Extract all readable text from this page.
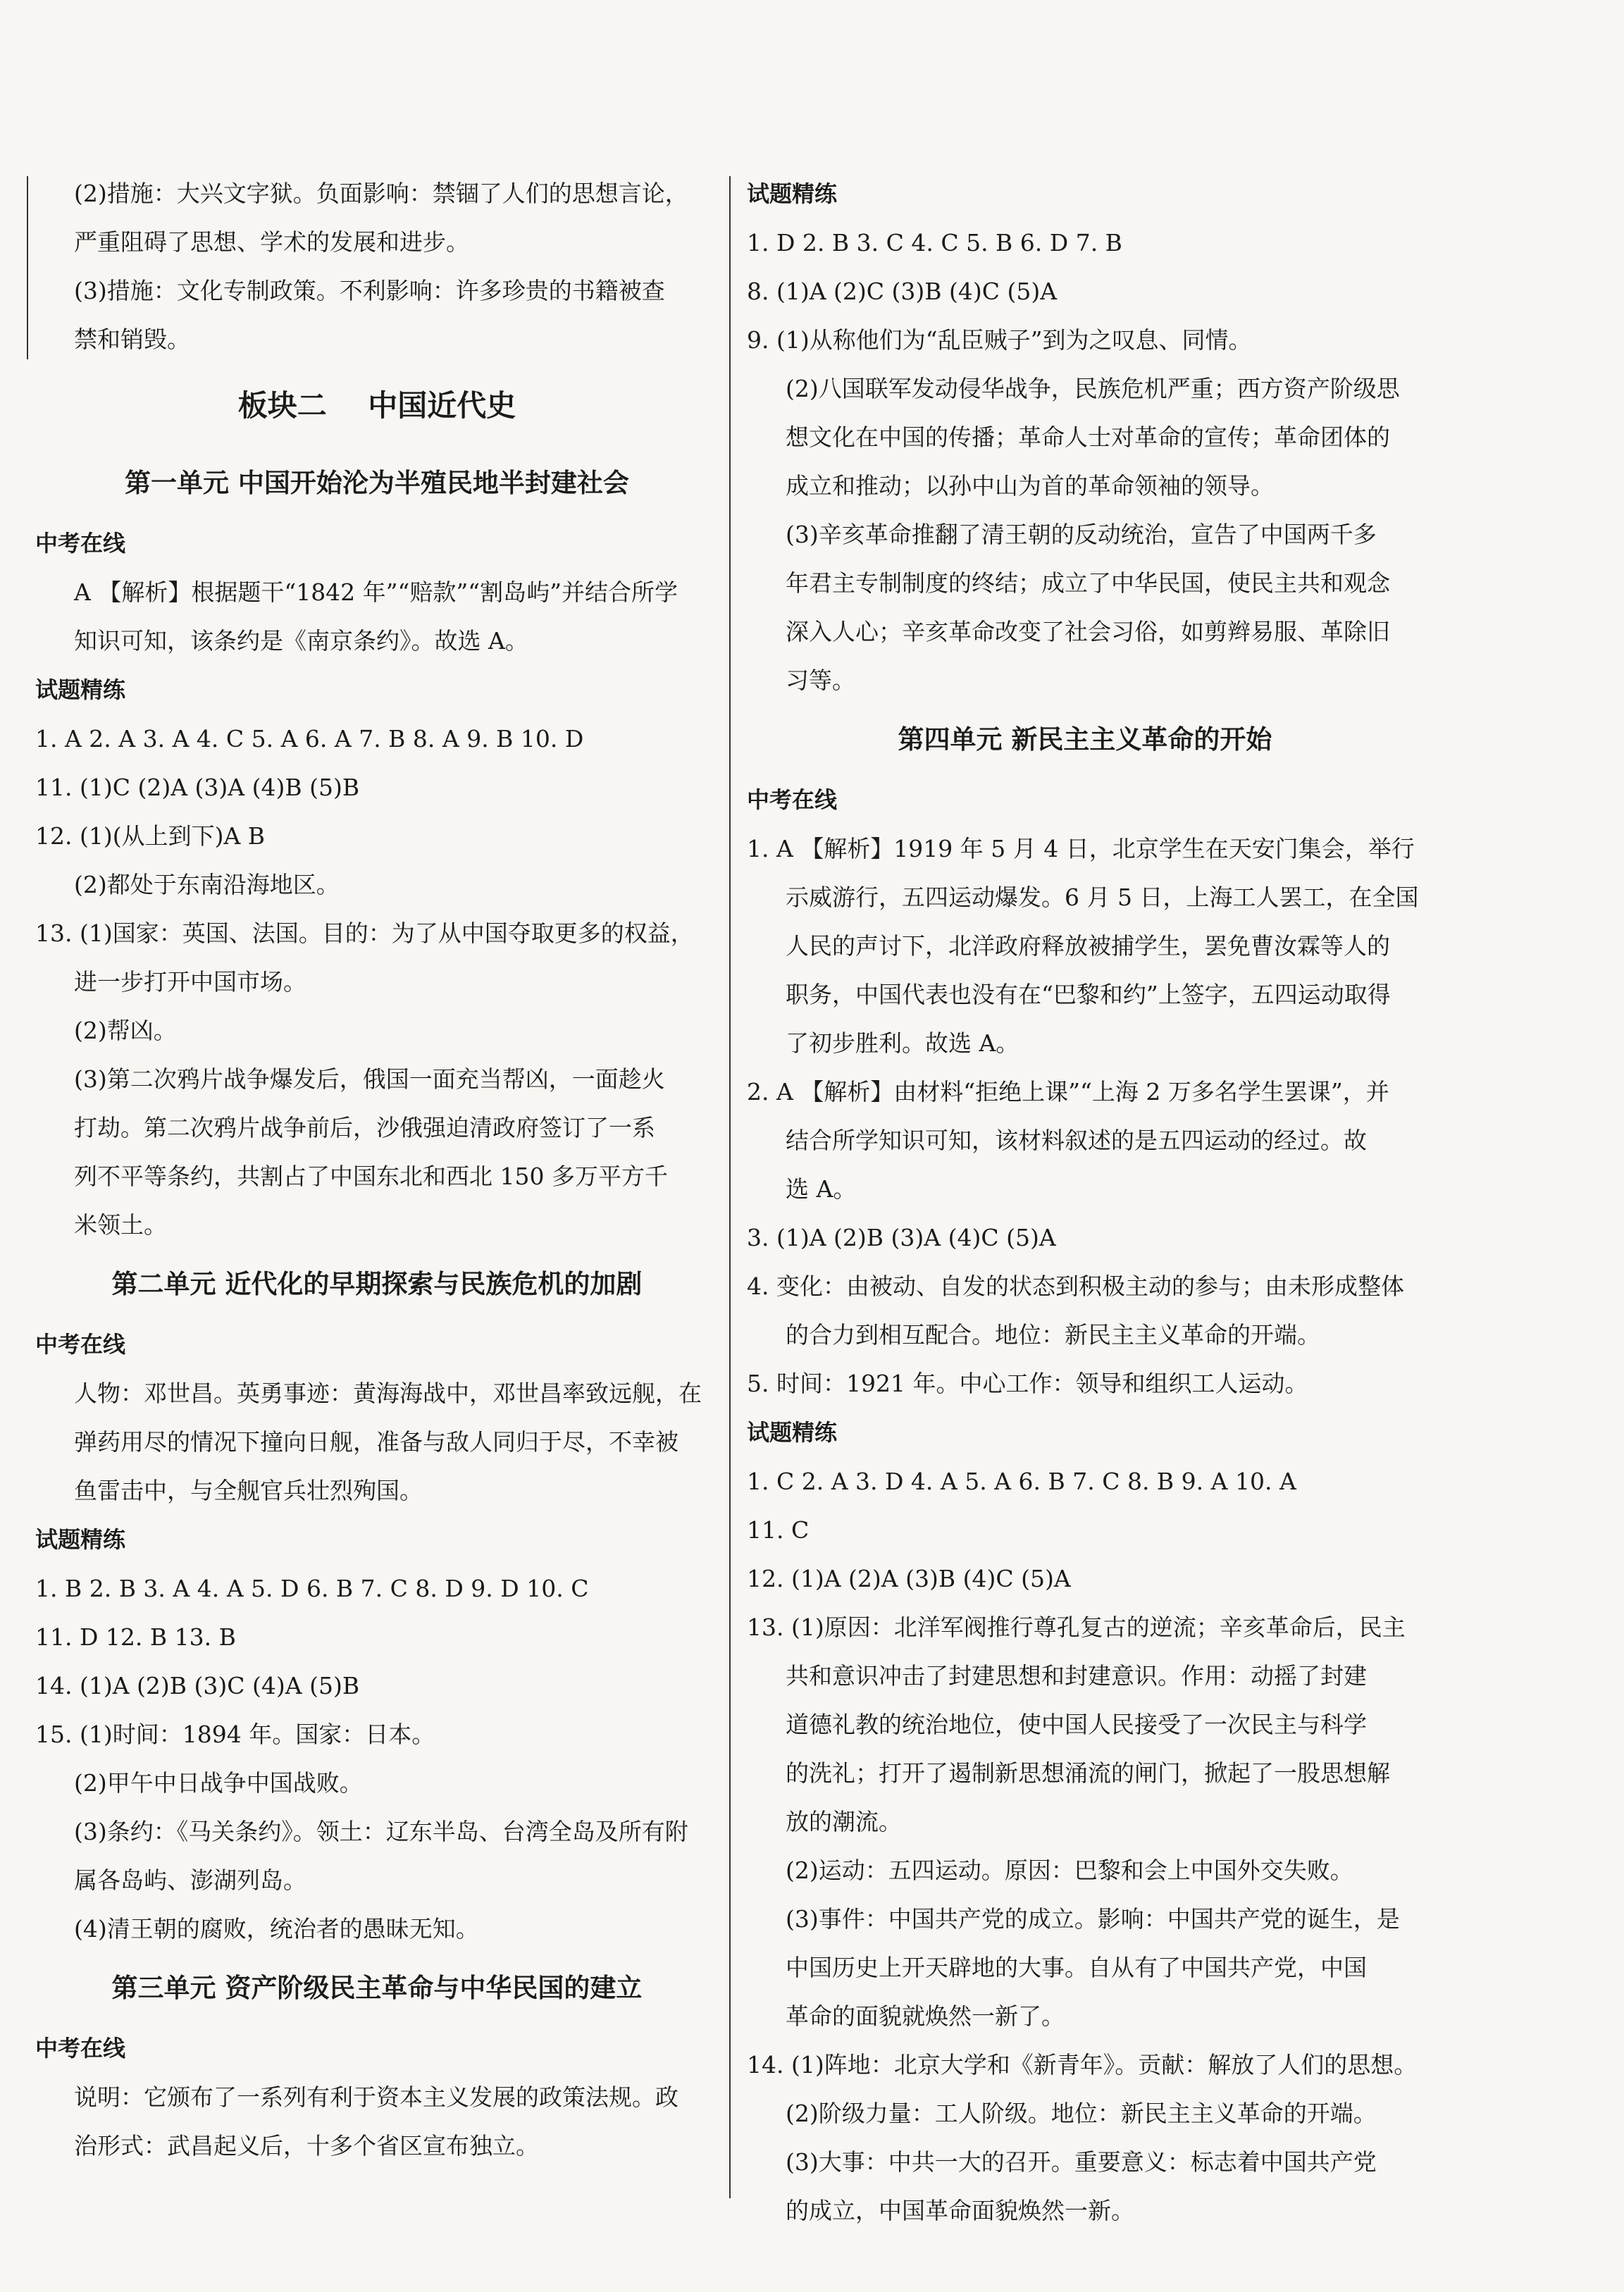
(2)措施：大兴文字狱。负面影响：禁锢了人们的思想言论，

严重阻碍了思想、学术的发展和进步。

(3)措施：文化专制政策。不利影响：许多珍贵的书籍被查

禁和销毁。

板块二    中国近代史

第一单元 中国开始沦为半殖民地半封建社会

中考在线

A 【解析】根据题干“1842 年”“赔款”“割岛屿”并结合所学

知识可知，该条约是《南京条约》。故选 A。

试题精练

1. A 2. A 3. A 4. C 5. A 6. A 7. B 8. A 9. B 10. D

11. (1)C (2)A (3)A (4)B (5)B

12. (1)(从上到下)A B

(2)都处于东南沿海地区。

13. (1)国家：英国、法国。目的：为了从中国夺取更多的权益，

进一步打开中国市场。

(2)帮凶。

(3)第二次鸦片战争爆发后，俄国一面充当帮凶，一面趁火

打劫。第二次鸦片战争前后，沙俄强迫清政府签订了一系

列不平等条约，共割占了中国东北和西北 150 多万平方千

米领土。

第二单元 近代化的早期探索与民族危机的加剧

中考在线

人物：邓世昌。英勇事迹：黄海海战中，邓世昌率致远舰，在

弹药用尽的情况下撞向日舰，准备与敌人同归于尽，不幸被

鱼雷击中，与全舰官兵壮烈殉国。

试题精练

1. B 2. B 3. A 4. A 5. D 6. B 7. C 8. D 9. D 10. C

11. D 12. B 13. B

14. (1)A (2)B (3)C (4)A (5)B

15. (1)时间：1894 年。国家：日本。

(2)甲午中日战争中国战败。

(3)条约：《马关条约》。领土：辽东半岛、台湾全岛及所有附

属各岛屿、澎湖列岛。

(4)清王朝的腐败，统治者的愚昧无知。

第三单元 资产阶级民主革命与中华民国的建立

中考在线

说明：它颁布了一系列有利于资本主义发展的政策法规。政

治形式：武昌起义后，十多个省区宣布独立。

试题精练

1. D 2. B 3. C 4. C 5. B 6. D 7. B

8. (1)A (2)C (3)B (4)C (5)A

9. (1)从称他们为“乱臣贼子”到为之叹息、同情。

(2)八国联军发动侵华战争，民族危机严重；西方资产阶级思

想文化在中国的传播；革命人士对革命的宣传；革命团体的

成立和推动；以孙中山为首的革命领袖的领导。

(3)辛亥革命推翻了清王朝的反动统治，宣告了中国两千多

年君主专制制度的终结；成立了中华民国，使民主共和观念

深入人心；辛亥革命改变了社会习俗，如剪辫易服、革除旧

习等。

第四单元 新民主主义革命的开始

中考在线

1. A 【解析】1919 年 5 月 4 日，北京学生在天安门集会，举行

示威游行，五四运动爆发。6 月 5 日，上海工人罢工，在全国

人民的声讨下，北洋政府释放被捕学生，罢免曹汝霖等人的

职务，中国代表也没有在“巴黎和约”上签字，五四运动取得

了初步胜利。故选 A。

2. A 【解析】由材料“拒绝上课”“上海 2 万多名学生罢课”，并

结合所学知识可知，该材料叙述的是五四运动的经过。故

选 A。

3. (1)A (2)B (3)A (4)C (5)A

4. 变化：由被动、自发的状态到积极主动的参与；由未形成整体

的合力到相互配合。地位：新民主主义革命的开端。

5. 时间：1921 年。中心工作：领导和组织工人运动。

试题精练

1. C 2. A 3. D 4. A 5. A 6. B 7. C 8. B 9. A 10. A

11. C

12. (1)A (2)A (3)B (4)C (5)A

13. (1)原因：北洋军阀推行尊孔复古的逆流；辛亥革命后，民主

共和意识冲击了封建思想和封建意识。作用：动摇了封建

道德礼教的统治地位，使中国人民接受了一次民主与科学

的洗礼；打开了遏制新思想涌流的闸门，掀起了一股思想解

放的潮流。

(2)运动：五四运动。原因：巴黎和会上中国外交失败。

(3)事件：中国共产党的成立。影响：中国共产党的诞生，是

中国历史上开天辟地的大事。自从有了中国共产党，中国

革命的面貌就焕然一新了。

14. (1)阵地：北京大学和《新青年》。贡献：解放了人们的思想。

(2)阶级力量：工人阶级。地位：新民主主义革命的开端。

(3)大事：中共一大的召开。重要意义：标志着中国共产党

的成立，中国革命面貌焕然一新。
